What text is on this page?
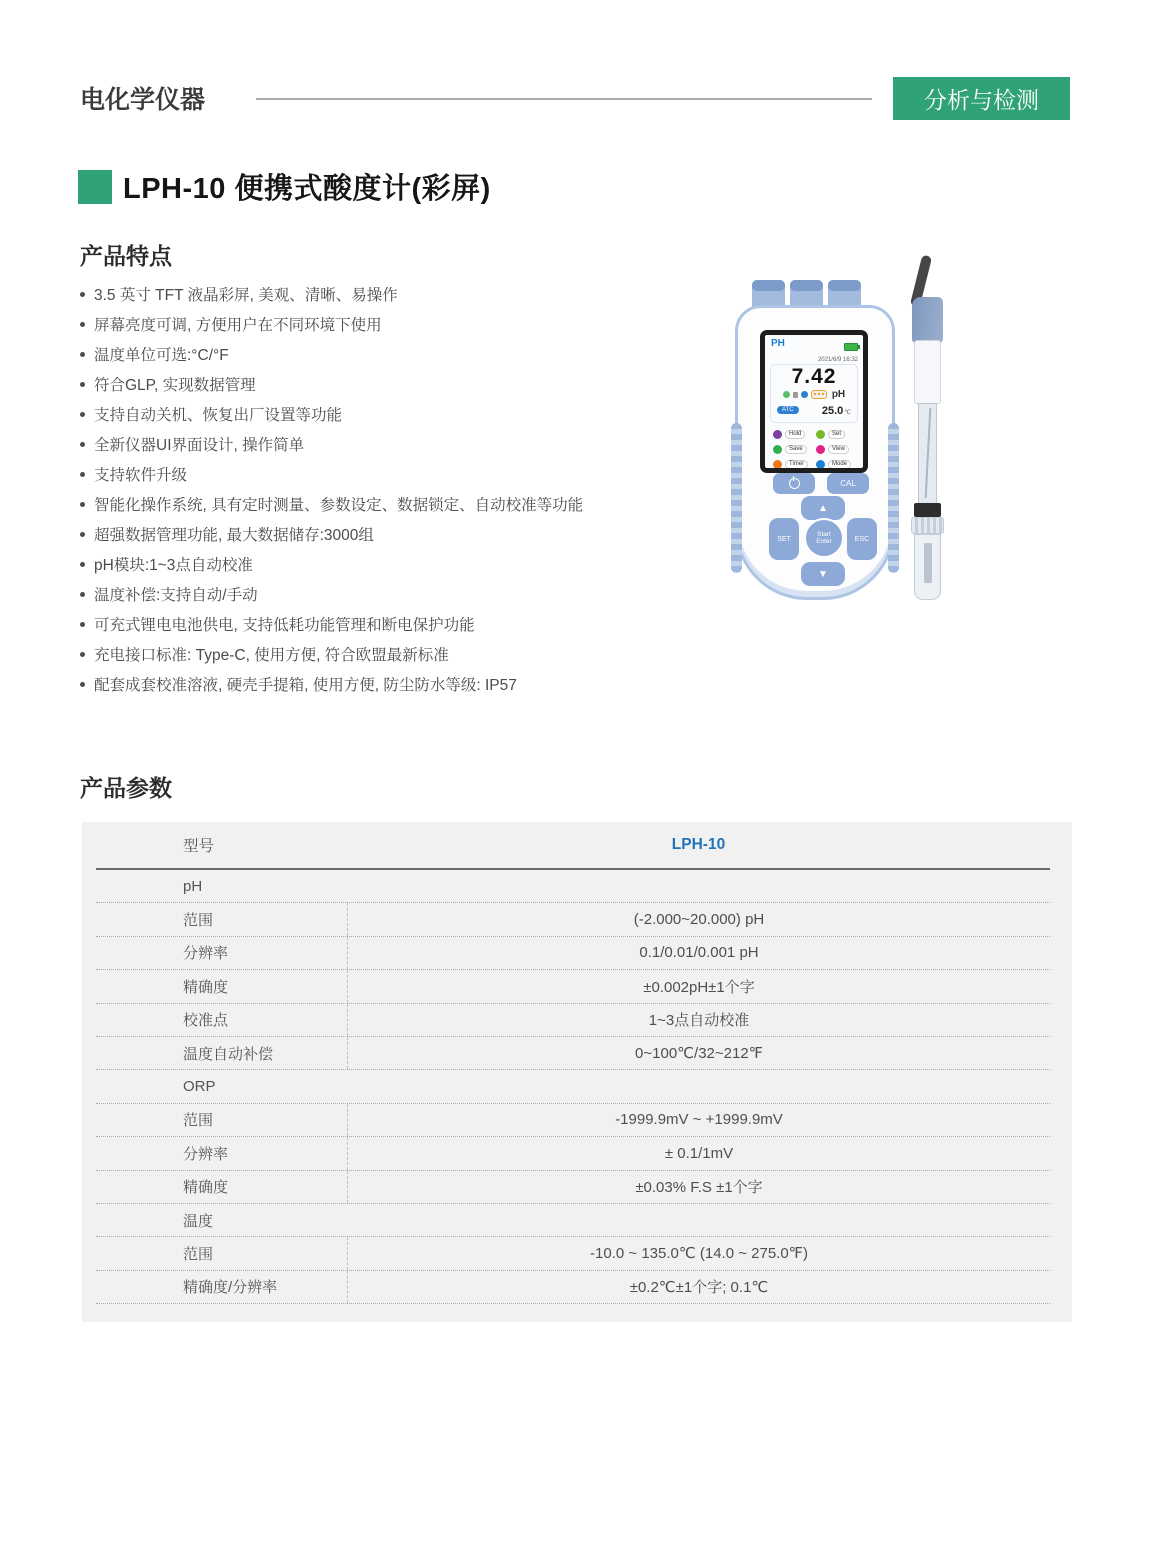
电化学仪器	分析与检测
LPH-10 便携式酸度计(彩屏)
产品特点
3.5 英寸 TFT 液晶彩屏, 美观、清晰、易操作
屏幕亮度可调, 方便用户在不同环境下使用
温度单位可选:°C/°F
符合GLP, 实现数据管理
支持自动关机、恢复出厂设置等功能
全新仪器UI界面设计, 操作简单
支持软件升级
智能化操作系统, 具有定时测量、参数设定、数据锁定、自动校准等功能
超强数据管理功能, 最大数据储存:3000组
pH模块:1~3点自动校准
温度补偿:支持自动/手动
可充式锂电电池供电, 支持低耗功能管理和断电保护功能
充电接口标准: Type-C, 使用方便, 符合欧盟最新标准
配套成套校准溶液, 硬壳手提箱, 使用方便, 防尘防水等级: IP57
PH
2021/6/9 16:32
7.42
pH
ATC	25.0℃
Hold	Set
Save	View
Timer	Mode
CAL
▲
SET	ESC
Start
Enter
▼
产品参数
型号	LPH-10
pH
范围	(-2.000~20.000) pH
分辨率	0.1/0.01/0.001 pH
精确度	±0.002pH±1个字
校准点	1~3点自动校准
温度自动补偿	0~100℃/32~212℉
ORP
范围	-1999.9mV ~ +1999.9mV
分辨率	± 0.1/1mV
精确度	±0.03% F.S ±1个字
温度
范围	-10.0 ~ 135.0℃ (14.0 ~ 275.0℉)
精确度/分辨率	±0.2℃±1个字; 0.1℃
